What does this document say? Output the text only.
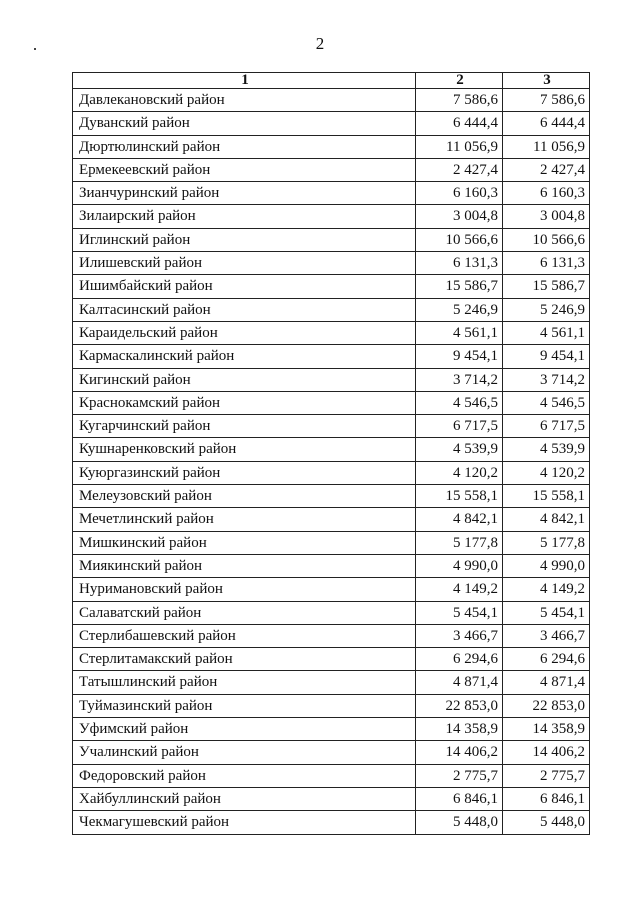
2
1	2	3
Давлекановский район	7 586,6	7 586,6
Дуванский район	6 444,4	6 444,4
Дюртюлинский район	11 056,9	11 056,9
Ермекеевский район	2 427,4	2 427,4
Зианчуринский район	6 160,3	6 160,3
Зилаирский район	3 004,8	3 004,8
Иглинский район	10 566,6	10 566,6
Илишевский район	6 131,3	6 131,3
Ишимбайский район	15 586,7	15 586,7
Калтасинский район	5 246,9	5 246,9
Караидельский район	4 561,1	4 561,1
Кармаскалинский район	9 454,1	9 454,1
Кигинский район	3 714,2	3 714,2
Краснокамский район	4 546,5	4 546,5
Кугарчинский район	6 717,5	6 717,5
Кушнаренковский район	4 539,9	4 539,9
Куюргазинский район	4 120,2	4 120,2
Мелеузовский район	15 558,1	15 558,1
Мечетлинский район	4 842,1	4 842,1
Мишкинский район	5 177,8	5 177,8
Миякинский район	4 990,0	4 990,0
Нуримановский район	4 149,2	4 149,2
Салаватский район	5 454,1	5 454,1
Стерлибашевский район	3 466,7	3 466,7
Стерлитамакский район	6 294,6	6 294,6
Татышлинский район	4 871,4	4 871,4
Туймазинский район	22 853,0	22 853,0
Уфимский район	14 358,9	14 358,9
Учалинский район	14 406,2	14 406,2
Федоровский район	2 775,7	2 775,7
Хайбуллинский район	6 846,1	6 846,1
Чекмагушевский район	5 448,0	5 448,0
